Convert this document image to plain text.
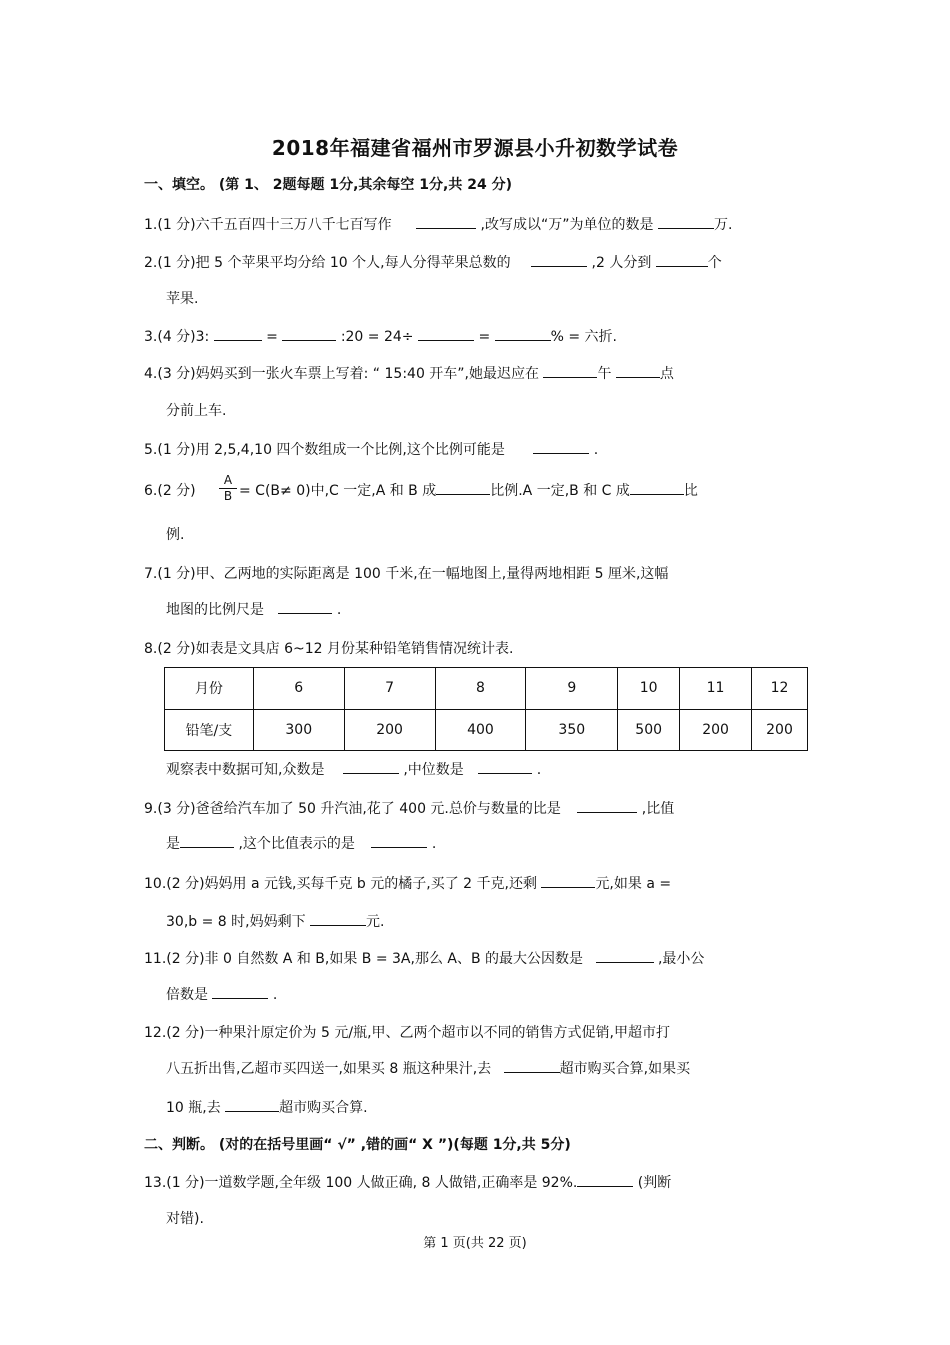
2018年福建省福州市罗源县小升初数学试卷
一、填空。 (第 1、 2题每题 1分,其余每空 1分,共 24 分)
1.(1 分)六千五百四十三万八千七百写作	,改写成以“万”为单位的数是	万.
2.(1 分)把 5 个苹果平均分给 10 个人,每人分得苹果总数的	,2 人分到	个
苹果.
3.(4 分)3:	=	:20 = 24÷	=	% = 六折.
4.(3 分)妈妈买到一张火车票上写着: “ 15:40 开车”,她最迟应在	午	点
分前上车.
5.(1 分)用 2,5,4,10 四个数组成一个比例,这个比例可能是	.
6.(2 分) $\frac{A}{B} = C(B\ne 0)$中,C 一定,A 和 B 成	比例.A 一定,B 和 C 成	比
例.
7.(1 分)甲、乙两地的实际距离是 100 千米,在一幅地图上,量得两地相距 5 厘米,这幅
地图的比例尺是	.
8.(2 分)如表是文具店 6~12 月份某种铅笔销售情况统计表.
月份	6	7	8	9	10	11	12
铅笔/支	300	200	400	350	500	200	200
观察表中数据可知,众数是	,中位数是	.
9.(3 分)爸爸给汽车加了 50 升汽油,花了 400 元.总价与数量的比是	,比值
是	,这个比值表示的是	.
10.(2 分)妈妈用 a 元钱,买每千克 b 元的橘子,买了 2 千克,还剩	元,如果 a =
30,b = 8 时,妈妈剩下	元.
11.(2 分)非 0 自然数 A 和 B,如果 B = 3A,那么 A、B 的最大公因数是	,最小公
倍数是	.
12.(2 分)一种果汁原定价为 5 元/瓶,甲、乙两个超市以不同的销售方式促销,甲超市打
八五折出售,乙超市买四送一,如果买 8 瓶这种果汁,去	超市购买合算,如果买
10 瓶,去	超市购买合算.
二、判断。 (对的在括号里画“ √” ,错的画“ X ”)(每题 1分,共 5分)
13.(1 分)一道数学题,全年级 100 人做正确, 8 人做错,正确率是 92%.	(判断
对错).
第 1 页(共 22 页)
